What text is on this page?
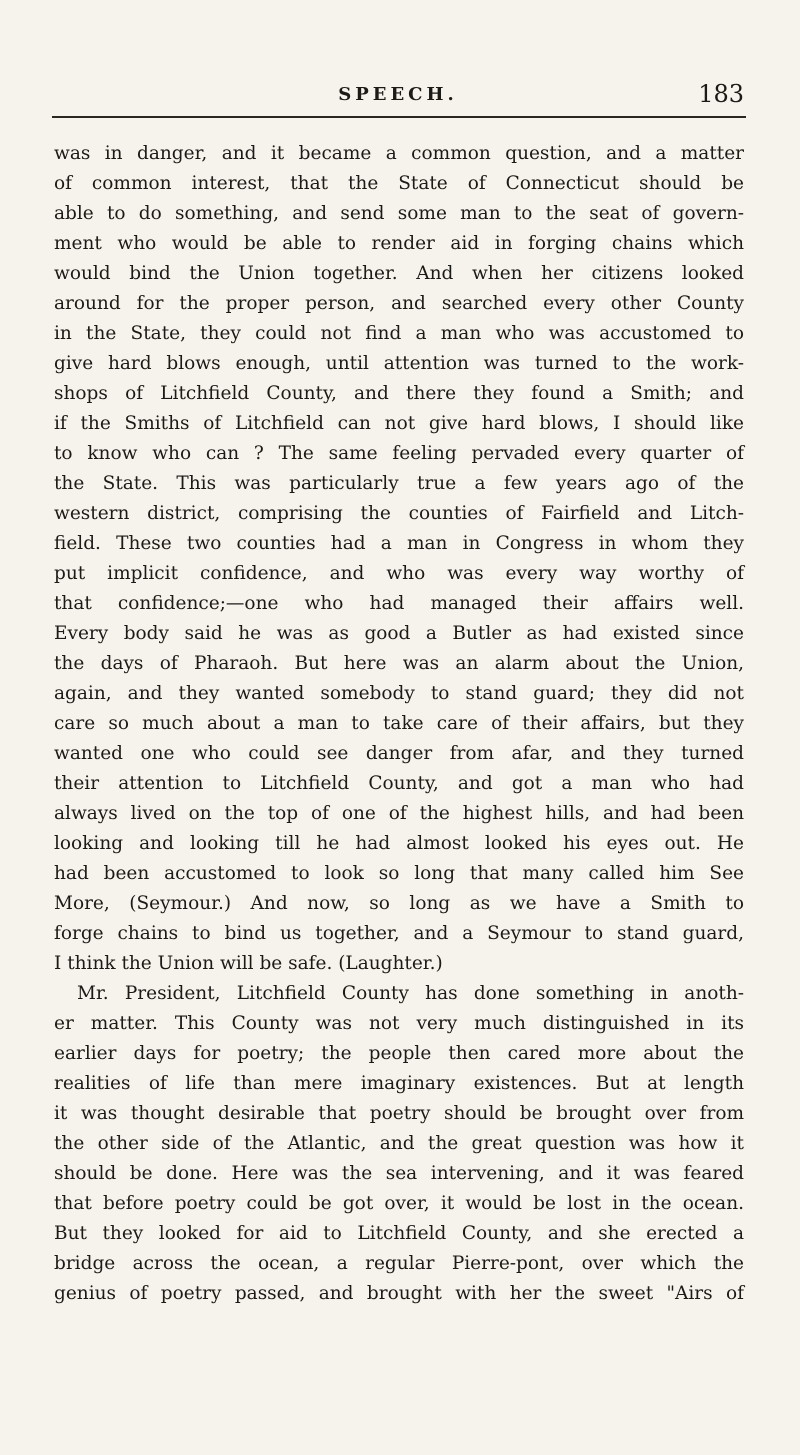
SPEECH.	183
was in danger, and it became a common question, and a matter
of common interest, that the State of Connecticut should be
able to do something, and send some man to the seat of govern-
ment who would be able to render aid in forging chains which
would bind the Union together. And when her citizens looked
around for the proper person, and searched every other County
in the State, they could not find a man who was accustomed to
give hard blows enough, until attention was turned to the work-
shops of Litchfield County, and there they found a Smith; and
if the Smiths of Litchfield can not give hard blows, I should like
to know who can ? The same feeling pervaded every quarter of
the State. This was particularly true a few years ago of the
western district, comprising the counties of Fairfield and Litch-
field. These two counties had a man in Congress in whom they
put implicit confidence, and who was every way worthy of
that confidence;—one who had managed their affairs well.
Every body said he was as good a Butler as had existed since
the days of Pharaoh. But here was an alarm about the Union,
again, and they wanted somebody to stand guard; they did not
care so much about a man to take care of their affairs, but they
wanted one who could see danger from afar, and they turned
their attention to Litchfield County, and got a man who had
always lived on the top of one of the highest hills, and had been
looking and looking till he had almost looked his eyes out. He
had been accustomed to look so long that many called him See
More, (Seymour.) And now, so long as we have a Smith to
forge chains to bind us together, and a Seymour to stand guard,
I think the Union will be safe. (Laughter.)
Mr. President, Litchfield County has done something in anoth-
er matter. This County was not very much distinguished in its
earlier days for poetry; the people then cared more about the
realities of life than mere imaginary existences. But at length
it was thought desirable that poetry should be brought over from
the other side of the Atlantic, and the great question was how it
should be done. Here was the sea intervening, and it was feared
that before poetry could be got over, it would be lost in the ocean.
But they looked for aid to Litchfield County, and she erected a
bridge across the ocean, a regular Pierre-pont, over which the
genius of poetry passed, and brought with her the sweet "Airs of
